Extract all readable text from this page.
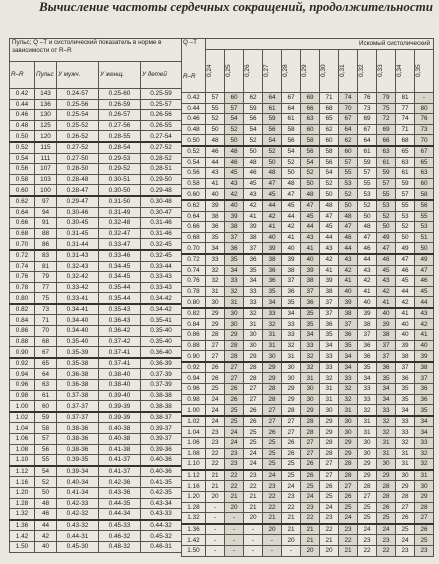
Вычисление частоты сердечных сокращений, продолжительности
Пульс; Q –T и систолический показатель в норме в зависимости от R–R				
R–R	Пульс	У мужч.	У женщ.	У детей
0.42	143	0.24-57	0.25-60	0.25-59
0.44	136	0.25-56	0.26-59	0.25-57
0.46	130	0.25-54	0.26-57	0.26-56
0.48	125	0.25-52	0.27-56	0.26-55
0.50	120	0.26-52	0.28-55	0.27-54
0.52	115	0.27-52	0.28-54	0.27-52
0.54	111	0.27-50	0.29-53	0.28-52
0.56	107	0.28-50	0.29-52	0.28-51
0.58	103	0.28-48	0.30-51	0.29-50
0.60	100	0.28-47	0.30-50	0.29-48
0.62	97	0.29-47	0.31-50	0.30-48
0.64	94	0.30-46	0.31-49	0.30-47
0.66	91	0.30-45	0.32-48	0.31-46
0.68	88	0.31-45	0.32-47	0.31-46
0.70	86	0.31-44	0.33-47	0.32-45
0.72	83	0.31-43	0.33-46	0.32-45
0.74	81	0.32-43	0.34-45	0.33-44
0.76	79	0.32-42	0.34-45	0.33-43
0.78	77	0.33-42	0.35-44	0.33-43
0.80	75	0.33-41	0.35-44	0.34-42
0.82	73	0.34-41	0.35-43	0.34-42
0.84	71	0.34-40	0.36-43	0.35-41
0.86	70	0.34-40	0.36-42	0.35-40
0.88	68	0.35-40	0.37-42	0.35-40
0.90	67	0.35-39	0.37-41	0.36-40
0.92	65	0.35-38	0.37-41	0.36-39
0.94	64	0.36-38	0.38-40	0.37-39
0.96	63	0.36-38	0.38-40	0.37-39
0.98	61	0.37-38	0.39-40	0.38-38
1.00	60	0.37-37	0.39-39	0.38-38
1.02	59	0.37-37	0.39-39	0.38-37
1.04	58	0.38-36	0.40-38	0.39-37
1.06	57	0.38-36	0.40-38	0.39-37
1.08	56	0.38-36	0.41-38	0.39-36
1.10	55	0.39-35	0.41-37	0.40-36
1.12	54	0.39-34	0.41-37	0.40-36
1.16	52	0.40-34	0.42-36	0.41-35
1.20	50	0.41-34	0.43-36	0.42-35
1.28	48	0.42-33	0.44-35	0.43-34
1.32	46	0.42-32	0.44-34	0.43-33
1.36	44	0.43-32	0.45-33	0.44-32
1.42	42	0.44-31	0.46-32	0.45-32
1.50	40	0.45-30	0.48-32	0.46-31
Q –T
R–R	Искомый систолический											

	0,24	0,25	0,26	0,27	0,28	0,29	0,30	0,31	0,32	0,33	0,34	0,35

0.42	57	60	62	64	67	69	71	74	76	79	81	-
0.44	55	57	59	61	64	66	68	70	73	75	77	80
0.46	52	54	56	59	61	63	65	67	69	72	74	76
0.48	50	52	54	56	58	60	62	64	67	69	71	73
0.50	48	50	52	54	56	58	60	62	64	66	68	70
0.52	46	48	50	52	54	56	58	60	61	63	65	67
0.54	44	46	48	50	52	54	56	57	59	61	63	65
0.56	43	45	46	48	50	52	54	55	57	59	61	63
0.58	41	43	45	47	48	50	52	53	55	57	59	60
0.60	40	42	43	45	47	48	50	52	53	55	57	58
0.62	39	40	42	44	45	47	48	50	52	53	55	56
0.64	38	39	41	42	44	45	47	48	50	52	53	55
0.66	36	38	39	41	42	44	45	47	48	50	52	53
0.68	35	37	38	40	41	43	44	46	47	49	50	51
0.70	34	36	37	39	40	41	43	44	46	47	49	50
0.72	33	35	36	38	39	40	42	43	44	46	47	49
0.74	32	34	35	36	38	39	41	42	43	45	46	47
0.76	32	33	34	36	37	38	39	41	42	43	45	46
0.78	31	32	33	35	36	37	38	40	41	42	44	45
0.80	30	31	33	34	35	36	37	39	40	41	42	44
0.82	29	30	32	33	34	35	37	38	39	40	41	43
0.84	29	30	31	32	33	35	36	37	38	39	40	42
0.86	28	29	30	31	33	34	35	36	37	38	40	41
0.88	27	28	30	31	32	33	34	35	36	37	39	40
0.90	27	28	29	30	31	32	33	34	36	37	38	39
0.92	26	27	28	29	30	32	33	34	35	36	37	38
0.94	26	27	28	29	30	31	32	33	34	35	36	37
0.96	25	26	27	28	29	30	31	32	33	34	35	36
0.98	24	26	27	28	29	30	31	32	33	34	35	36
1.00	24	25	26	27	28	29	30	31	32	33	34	35
1.02	24	25	26	27	27	28	29	30	31	32	33	34
1.04	23	24	25	26	27	28	29	30	31	32	33	34
1.06	23	24	25	25	26	27	28	29	30	31	32	33
1.08	22	23	24	25	26	27	28	29	30	31	31	32
1.10	22	23	24	25	25	26	27	28	29	30	31	32
1.12	21	22	23	24	25	26	27	28	29	29	30	31
1.16	21	22	22	23	24	25	26	27	28	28	29	30
1.20	20	21	21	22	23	24	25	26	27	28	28	29
1.28	-	20	21	22	22	23	24	25	25	26	27	28
1.32	-	-	20	21	21	22	23	24	25	25	26	27
1.36	-	-	-	20	21	21	22	23	24	24	25	26
1.42	-	-	-	-	20	21	21	22	23	23	24	25
1.50	-	-	-	-	-	20	20	21	22	22	23	23
